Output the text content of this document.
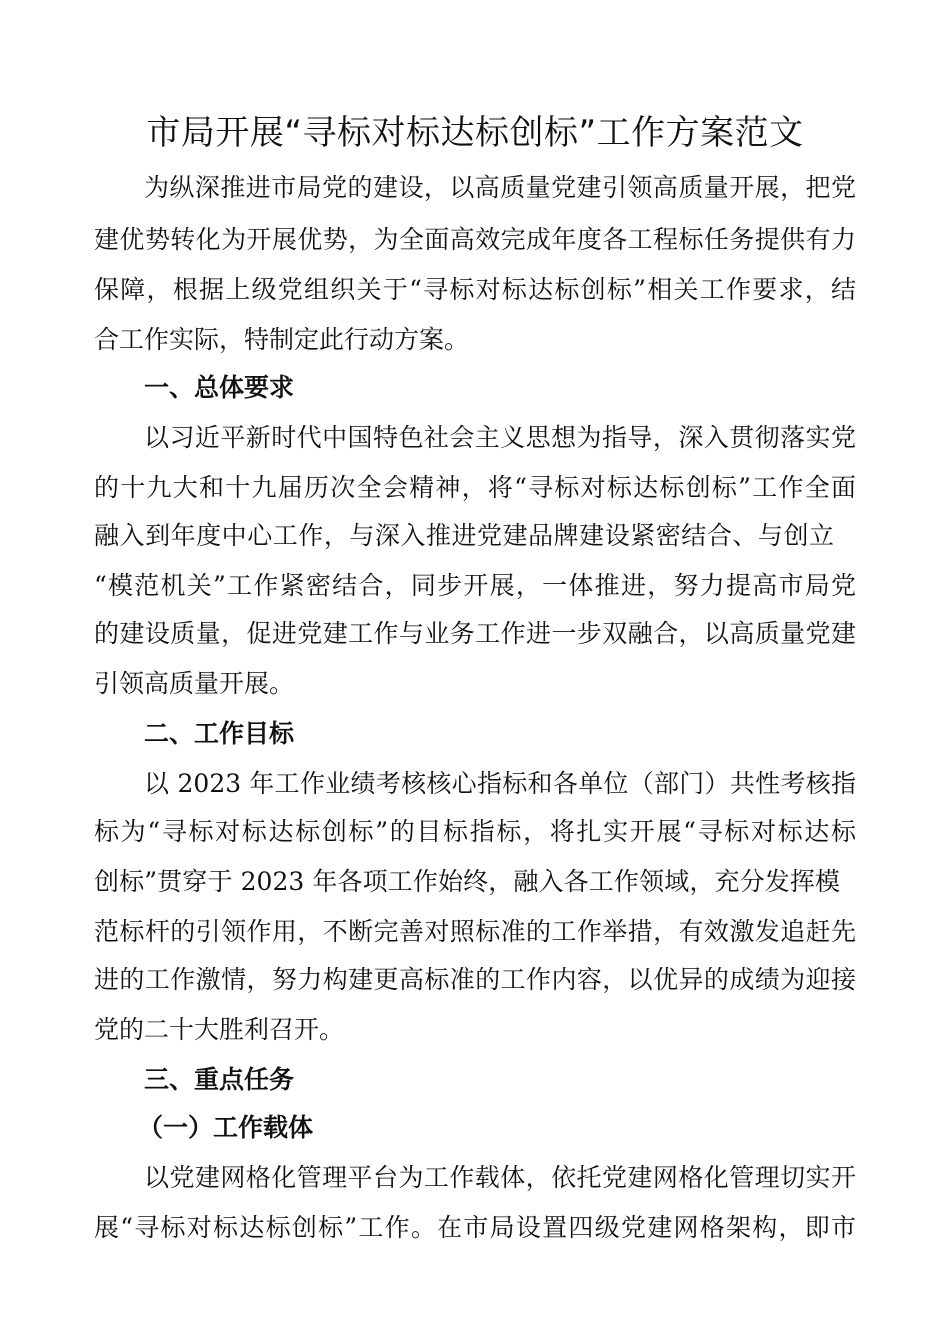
市局开展“寻标对标达标创标”工作方案范文
为纵深推进市局党的建设，以高质量党建引领高质量开展，把党
建优势转化为开展优势，为全面高效完成年度各工程标任务提供有力
保障，根据上级党组织关于“寻标对标达标创标”相关工作要求，结
合工作实际，特制定此行动方案。
一、总体要求
以习近平新时代中国特色社会主义思想为指导，深入贯彻落实党
的十九大和十九届历次全会精神，将“寻标对标达标创标”工作全面
融入到年度中心工作，与深入推进党建品牌建设紧密结合、与创立
“模范机关”工作紧密结合，同步开展，一体推进，努力提高市局党
的建设质量，促进党建工作与业务工作进一步双融合，以高质量党建
引领高质量开展。
二、工作目标
以 2023 年工作业绩考核核心指标和各单位（部门）共性考核指
标为“寻标对标达标创标”的目标指标，将扎实开展“寻标对标达标
创标”贯穿于 2023 年各项工作始终，融入各工作领域，充分发挥模
范标杆的引领作用，不断完善对照标准的工作举措，有效激发追赶先
进的工作激情，努力构建更高标准的工作内容，以优异的成绩为迎接
党的二十大胜利召开。
三、重点任务
（一）工作载体
以党建网格化管理平台为工作载体，依托党建网格化管理切实开
展“寻标对标达标创标”工作。在市局设置四级党建网格架构，即市
